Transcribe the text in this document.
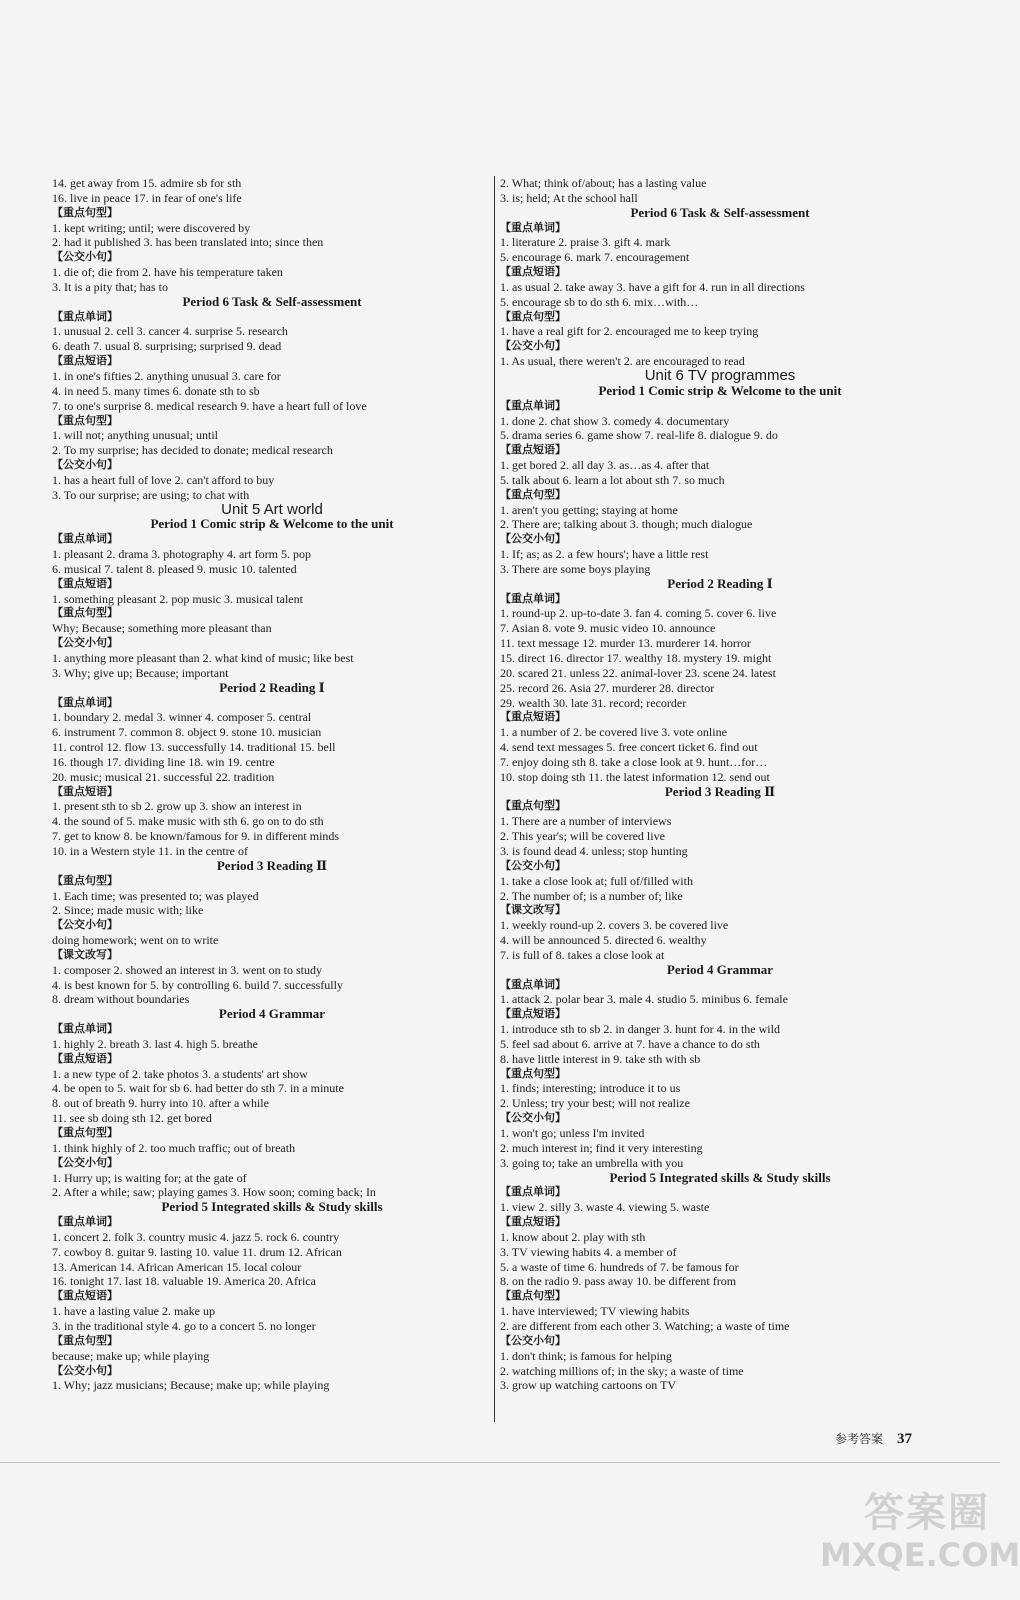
14. get away from 15. admire sb for sth
16. live in peace 17. in fear of one's life
【重点句型】
1. kept writing; until; were discovered by
2. had it published 3. has been translated into; since then
【公交小句】
1. die of; die from 2. have his temperature taken
3. It is a pity that; has to
Period 6 Task & Self-assessment
【重点单词】
1. unusual 2. cell 3. cancer 4. surprise 5. research
6. death 7. usual 8. surprising; surprised 9. dead
【重点短语】
1. in one's fifties 2. anything unusual 3. care for
4. in need 5. many times 6. donate sth to sb
7. to one's surprise 8. medical research 9. have a heart full of love
【重点句型】
1. will not; anything unusual; until
2. To my surprise; has decided to donate; medical research
【公交小句】
1. has a heart full of love 2. can't afford to buy
3. To our surprise; are using; to chat with
Unit 5 Art world
Period 1 Comic strip & Welcome to the unit
【重点单词】
1. pleasant 2. drama 3. photography 4. art form 5. pop
6. musical 7. talent 8. pleased 9. music 10. talented
【重点短语】
1. something pleasant 2. pop music 3. musical talent
【重点句型】
Why; Because; something more pleasant than
【公交小句】
1. anything more pleasant than 2. what kind of music; like best
3. Why; give up; Because; important
Period 2 Reading Ⅰ
【重点单词】
1. boundary 2. medal 3. winner 4. composer 5. central
6. instrument 7. common 8. object 9. stone 10. musician
11. control 12. flow 13. successfully 14. traditional 15. bell
16. though 17. dividing line 18. win 19. centre
20. music; musical 21. successful 22. tradition
【重点短语】
1. present sth to sb 2. grow up 3. show an interest in
4. the sound of 5. make music with sth 6. go on to do sth
7. get to know 8. be known/famous for 9. in different minds
10. in a Western style 11. in the centre of
Period 3 Reading Ⅱ
【重点句型】
1. Each time; was presented to; was played
2. Since; made music with; like
【公交小句】
doing homework; went on to write
【课文改写】
1. composer 2. showed an interest in 3. went on to study
4. is best known for 5. by controlling 6. build 7. successfully
8. dream without boundaries
Period 4 Grammar
【重点单词】
1. highly 2. breath 3. last 4. high 5. breathe
【重点短语】
1. a new type of 2. take photos 3. a students' art show
4. be open to 5. wait for sb 6. had better do sth 7. in a minute
8. out of breath 9. hurry into 10. after a while
11. see sb doing sth 12. get bored
【重点句型】
1. think highly of 2. too much traffic; out of breath
【公交小句】
1. Hurry up; is waiting for; at the gate of
2. After a while; saw; playing games 3. How soon; coming back; In
Period 5 Integrated skills & Study skills
【重点单词】
1. concert 2. folk 3. country music 4. jazz 5. rock 6. country
7. cowboy 8. guitar 9. lasting 10. value 11. drum 12. African
13. American 14. African American 15. local colour
16. tonight 17. last 18. valuable 19. America 20. Africa
【重点短语】
1. have a lasting value 2. make up
3. in the traditional style 4. go to a concert 5. no longer
【重点句型】
because; make up; while playing
【公交小句】
1. Why; jazz musicians; Because; make up; while playing
2. What; think of/about; has a lasting value
3. is; held; At the school hall
Period 6 Task & Self-assessment
【重点单词】
1. literature 2. praise 3. gift 4. mark
5. encourage 6. mark 7. encouragement
【重点短语】
1. as usual 2. take away 3. have a gift for 4. run in all directions
5. encourage sb to do sth 6. mix…with…
【重点句型】
1. have a real gift for 2. encouraged me to keep trying
【公交小句】
1. As usual, there weren't 2. are encouraged to read
Unit 6 TV programmes
Period 1 Comic strip & Welcome to the unit
【重点单词】
1. done 2. chat show 3. comedy 4. documentary
5. drama series 6. game show 7. real-life 8. dialogue 9. do
【重点短语】
1. get bored 2. all day 3. as…as 4. after that
5. talk about 6. learn a lot about sth 7. so much
【重点句型】
1. aren't you getting; staying at home
2. There are; talking about 3. though; much dialogue
【公交小句】
1. If; as; as 2. a few hours'; have a little rest
3. There are some boys playing
Period 2 Reading Ⅰ
【重点单词】
1. round-up 2. up-to-date 3. fan 4. coming 5. cover 6. live
7. Asian 8. vote 9. music video 10. announce
11. text message 12. murder 13. murderer 14. horror
15. direct 16. director 17. wealthy 18. mystery 19. might
20. scared 21. unless 22. animal-lover 23. scene 24. latest
25. record 26. Asia 27. murderer 28. director
29. wealth 30. late 31. record; recorder
【重点短语】
1. a number of 2. be covered live 3. vote online
4. send text messages 5. free concert ticket 6. find out
7. enjoy doing sth 8. take a close look at 9. hunt…for…
10. stop doing sth 11. the latest information 12. send out
Period 3 Reading Ⅱ
【重点句型】
1. There are a number of interviews
2. This year's; will be covered live
3. is found dead 4. unless; stop hunting
【公交小句】
1. take a close look at; full of/filled with
2. The number of; is a number of; like
【课文改写】
1. weekly round-up 2. covers 3. be covered live
4. will be announced 5. directed 6. wealthy
7. is full of 8. takes a close look at
Period 4 Grammar
【重点单词】
1. attack 2. polar bear 3. male 4. studio 5. minibus 6. female
【重点短语】
1. introduce sth to sb 2. in danger 3. hunt for 4. in the wild
5. feel sad about 6. arrive at 7. have a chance to do sth
8. have little interest in 9. take sth with sb
【重点句型】
1. finds; interesting; introduce it to us
2. Unless; try your best; will not realize
【公交小句】
1. won't go; unless I'm invited
2. much interest in; find it very interesting
3. going to; take an umbrella with you
Period 5 Integrated skills & Study skills
【重点单词】
1. view 2. silly 3. waste 4. viewing 5. waste
【重点短语】
1. know about 2. play with sth
3. TV viewing habits 4. a member of
5. a waste of time 6. hundreds of 7. be famous for
8. on the radio 9. pass away 10. be different from
【重点句型】
1. have interviewed; TV viewing habits
2. are different from each other 3. Watching; a waste of time
【公交小句】
1. don't think; is famous for helping
2. watching millions of; in the sky; a waste of time
3. grow up watching cartoons on TV
参考答案 37
答案圈
MXQE.COM
